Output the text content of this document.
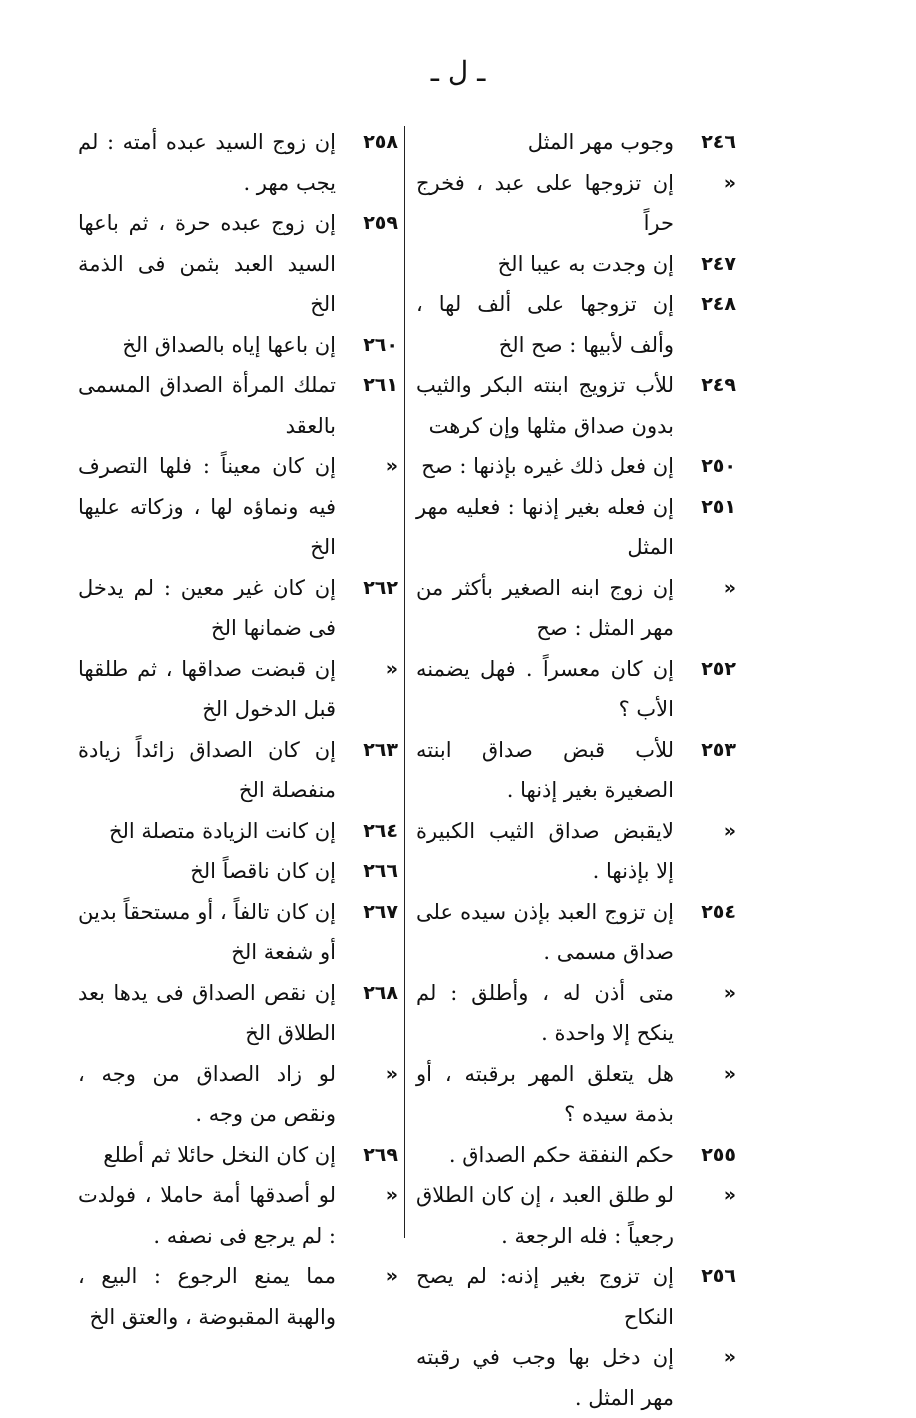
ـ ل ـ
٢٤٦
وجوب مهر المثل
«
إن تزوجها على عبد ، فخرج حراً
٢٤٧
إن وجدت به عيبا الخ
٢٤٨
إن تزوجها على ألف لها ، وألف لأبيها : صح الخ
٢٤٩
للأب تزويج ابنته البكر والثيب بدون صداق مثلها وإن كرهت
٢٥٠
إن فعل ذلك غيره بإذنها : صح
٢٥١
إن فعله بغير إذنها : فعليه مهر المثل
«
إن زوج ابنه الصغير بأكثر من مهر المثل : صح
٢٥٢
إن كان معسراً . فهل يضمنه الأب ؟
٢٥٣
للأب قبض صداق ابنته الصغيرة بغير إذنها .
«
لايقبض صداق الثيب الكبيرة إلا بإذنها .
٢٥٤
إن تزوج العبد بإذن سيده على صداق مسمى .
«
متى أذن له ، وأطلق : لم ينكح إلا واحدة .
«
هل يتعلق المهر برقبته ، أو بذمة سيده ؟
٢٥٥
حكم النفقة حكم الصداق .
«
لو طلق العبد ، إن كان الطلاق رجعياً : فله الرجعة .
٢٥٦
إن تزوج بغير إذنه: لم يصح النكاح
«
إن دخل بها وجب في رقبته مهر المثل .
٢٥٨
إن زوج السيد عبده أمته : لم يجب مهر .
٢٥٩
إن زوج عبده حرة ، ثم باعها السيد العبد بثمن فى الذمة الخ
٢٦٠
إن باعها إياه بالصداق الخ
٢٦١
تملك المرأة الصداق المسمى بالعقد
«
إن كان معيناً : فلها التصرف فيه ونماؤه لها ، وزكاته عليها الخ
٢٦٢
إن كان غير معين : لم يدخل فى ضمانها الخ
«
إن قبضت صداقها ، ثم طلقها قبل الدخول الخ
٢٦٣
إن كان الصداق زائداً زيادة منفصلة الخ
٢٦٤
إن كانت الزيادة متصلة الخ
٢٦٦
إن كان ناقصاً الخ
٢٦٧
إن كان تالفاً ، أو مستحقاً بدين أو شفعة الخ
٢٦٨
إن نقص الصداق فى يدها بعد الطلاق الخ
«
لو زاد الصداق من وجه ، ونقص من وجه .
٢٦٩
إن كان النخل حائلا ثم أطلع
«
لو أصدقها أمة حاملا ، فولدت : لم يرجع فى نصفه .
«
مما يمنع الرجوع : البيع ، والهبة المقبوضة ، والعتق الخ
